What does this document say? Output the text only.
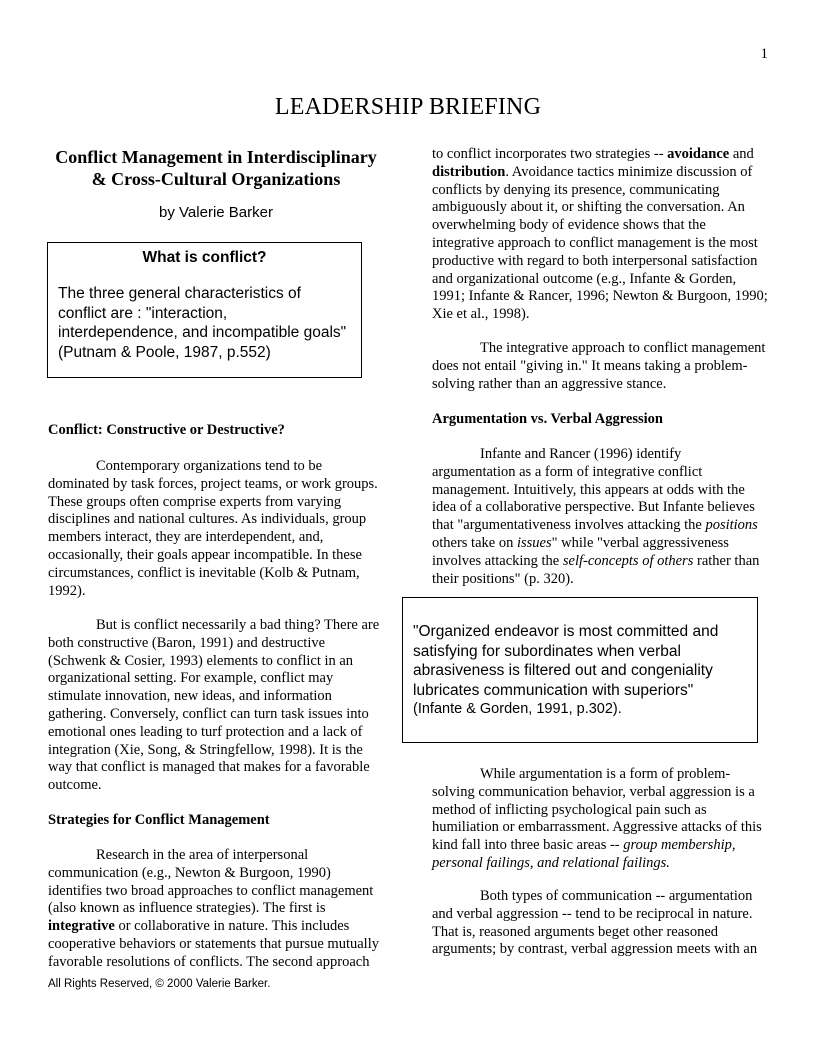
1
LEADERSHIP BRIEFING
Conflict Management in Interdisciplinary & Cross-Cultural Organizations
by Valerie Barker
What is conflict?
The three general characteristics of conflict are : "interaction, interdependence, and incompatible goals" (Putnam & Poole, 1987, p.552)
Conflict: Constructive or Destructive?
Contemporary organizations tend to be dominated by task forces, project teams, or work groups. These groups often comprise experts from varying disciplines and national cultures. As individuals, group members interact, they are interdependent, and, occasionally, their goals appear incompatible. In these circumstances, conflict is inevitable (Kolb & Putnam, 1992).
But is conflict necessarily a bad thing? There are both constructive (Baron, 1991) and destructive (Schwenk & Cosier, 1993) elements to conflict in an organizational setting. For example, conflict may stimulate innovation, new ideas, and information gathering. Conversely, conflict can turn task issues into emotional ones leading to turf protection and a lack of integration (Xie, Song, & Stringfellow, 1998). It is the way that conflict is managed that makes for a favorable outcome.
Strategies for Conflict Management
Research in the area of interpersonal communication (e.g., Newton & Burgoon, 1990) identifies two broad approaches to conflict management (also known as influence strategies). The first is integrative or collaborative in nature. This includes cooperative behaviors or statements that pursue mutually favorable resolutions of conflicts. The second approach
to conflict incorporates two strategies -- avoidance and distribution. Avoidance tactics minimize discussion of conflicts by denying its presence, communicating ambiguously about it, or shifting the conversation. An overwhelming body of evidence shows that the integrative approach to conflict management is the most productive with regard to both interpersonal satisfaction and organizational outcome (e.g., Infante & Gorden, 1991; Infante & Rancer, 1996; Newton & Burgoon, 1990; Xie et al., 1998).
The integrative approach to conflict management does not entail "giving in." It means taking a problem-solving rather than an aggressive stance.
Argumentation vs. Verbal Aggression
Infante and Rancer (1996) identify argumentation as a form of integrative conflict management. Intuitively, this appears at odds with the idea of a collaborative perspective. But Infante believes that "argumentativeness involves attacking the positions others take on issues" while "verbal aggressiveness involves attacking the self-concepts of others rather than their positions" (p. 320).
"Organized endeavor is most committed and satisfying for subordinates when verbal abrasiveness is filtered out and congeniality lubricates communication with superiors"
(Infante & Gorden, 1991, p.302).
While argumentation is a form of problem-solving communication behavior, verbal aggression is a method of inflicting psychological pain such as humiliation or embarrassment. Aggressive attacks of this kind fall into three basic areas -- group membership, personal failings, and relational failings.
Both types of communication -- argumentation and verbal aggression -- tend to be reciprocal in nature. That is, reasoned arguments beget other reasoned arguments; by contrast, verbal aggression meets with an
All Rights Reserved, © 2000 Valerie Barker.
